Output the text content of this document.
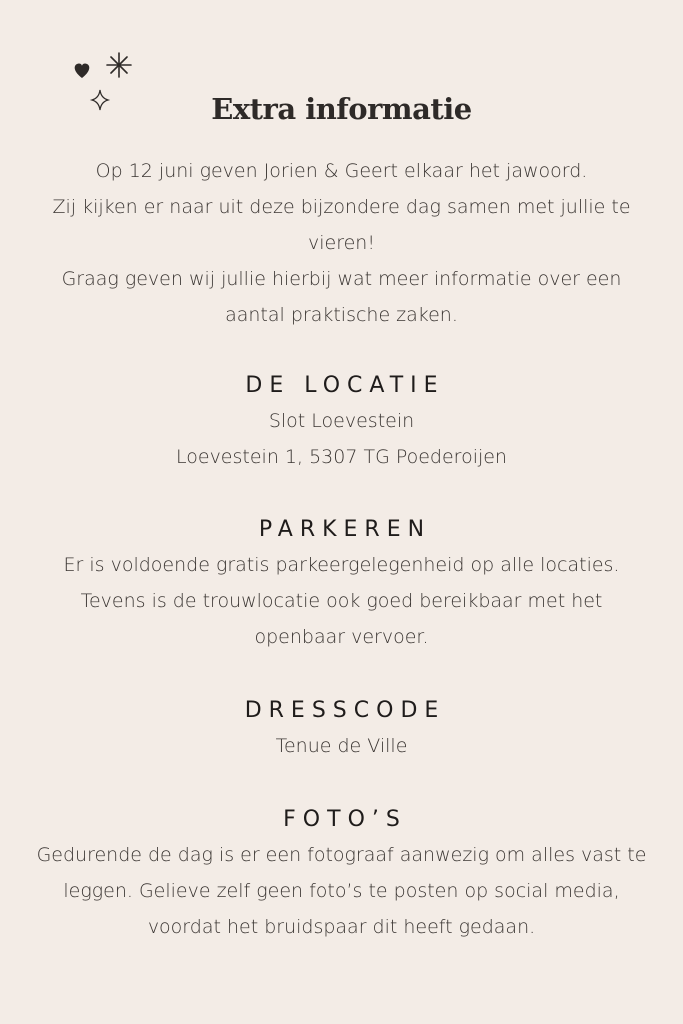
Extra informatie
Op 12 juni geven Jorien & Geert elkaar het jawoord.
Zij kijken er naar uit deze bijzondere dag samen met jullie te
vieren!
Graag geven wij jullie hierbij wat meer informatie over een
aantal praktische zaken.
DE LOCATIE
Slot Loevestein
Loevestein 1, 5307 TG Poederoijen
PARKEREN
Er is voldoende gratis parkeergelegenheid op alle locaties.
Tevens is de trouwlocatie ook goed bereikbaar met het
openbaar vervoer.
DRESSCODE
Tenue de Ville
FOTO’S
Gedurende de dag is er een fotograaf aanwezig om alles vast te
leggen. Gelieve zelf geen foto’s te posten op social media,
voordat het bruidspaar dit heeft gedaan.
